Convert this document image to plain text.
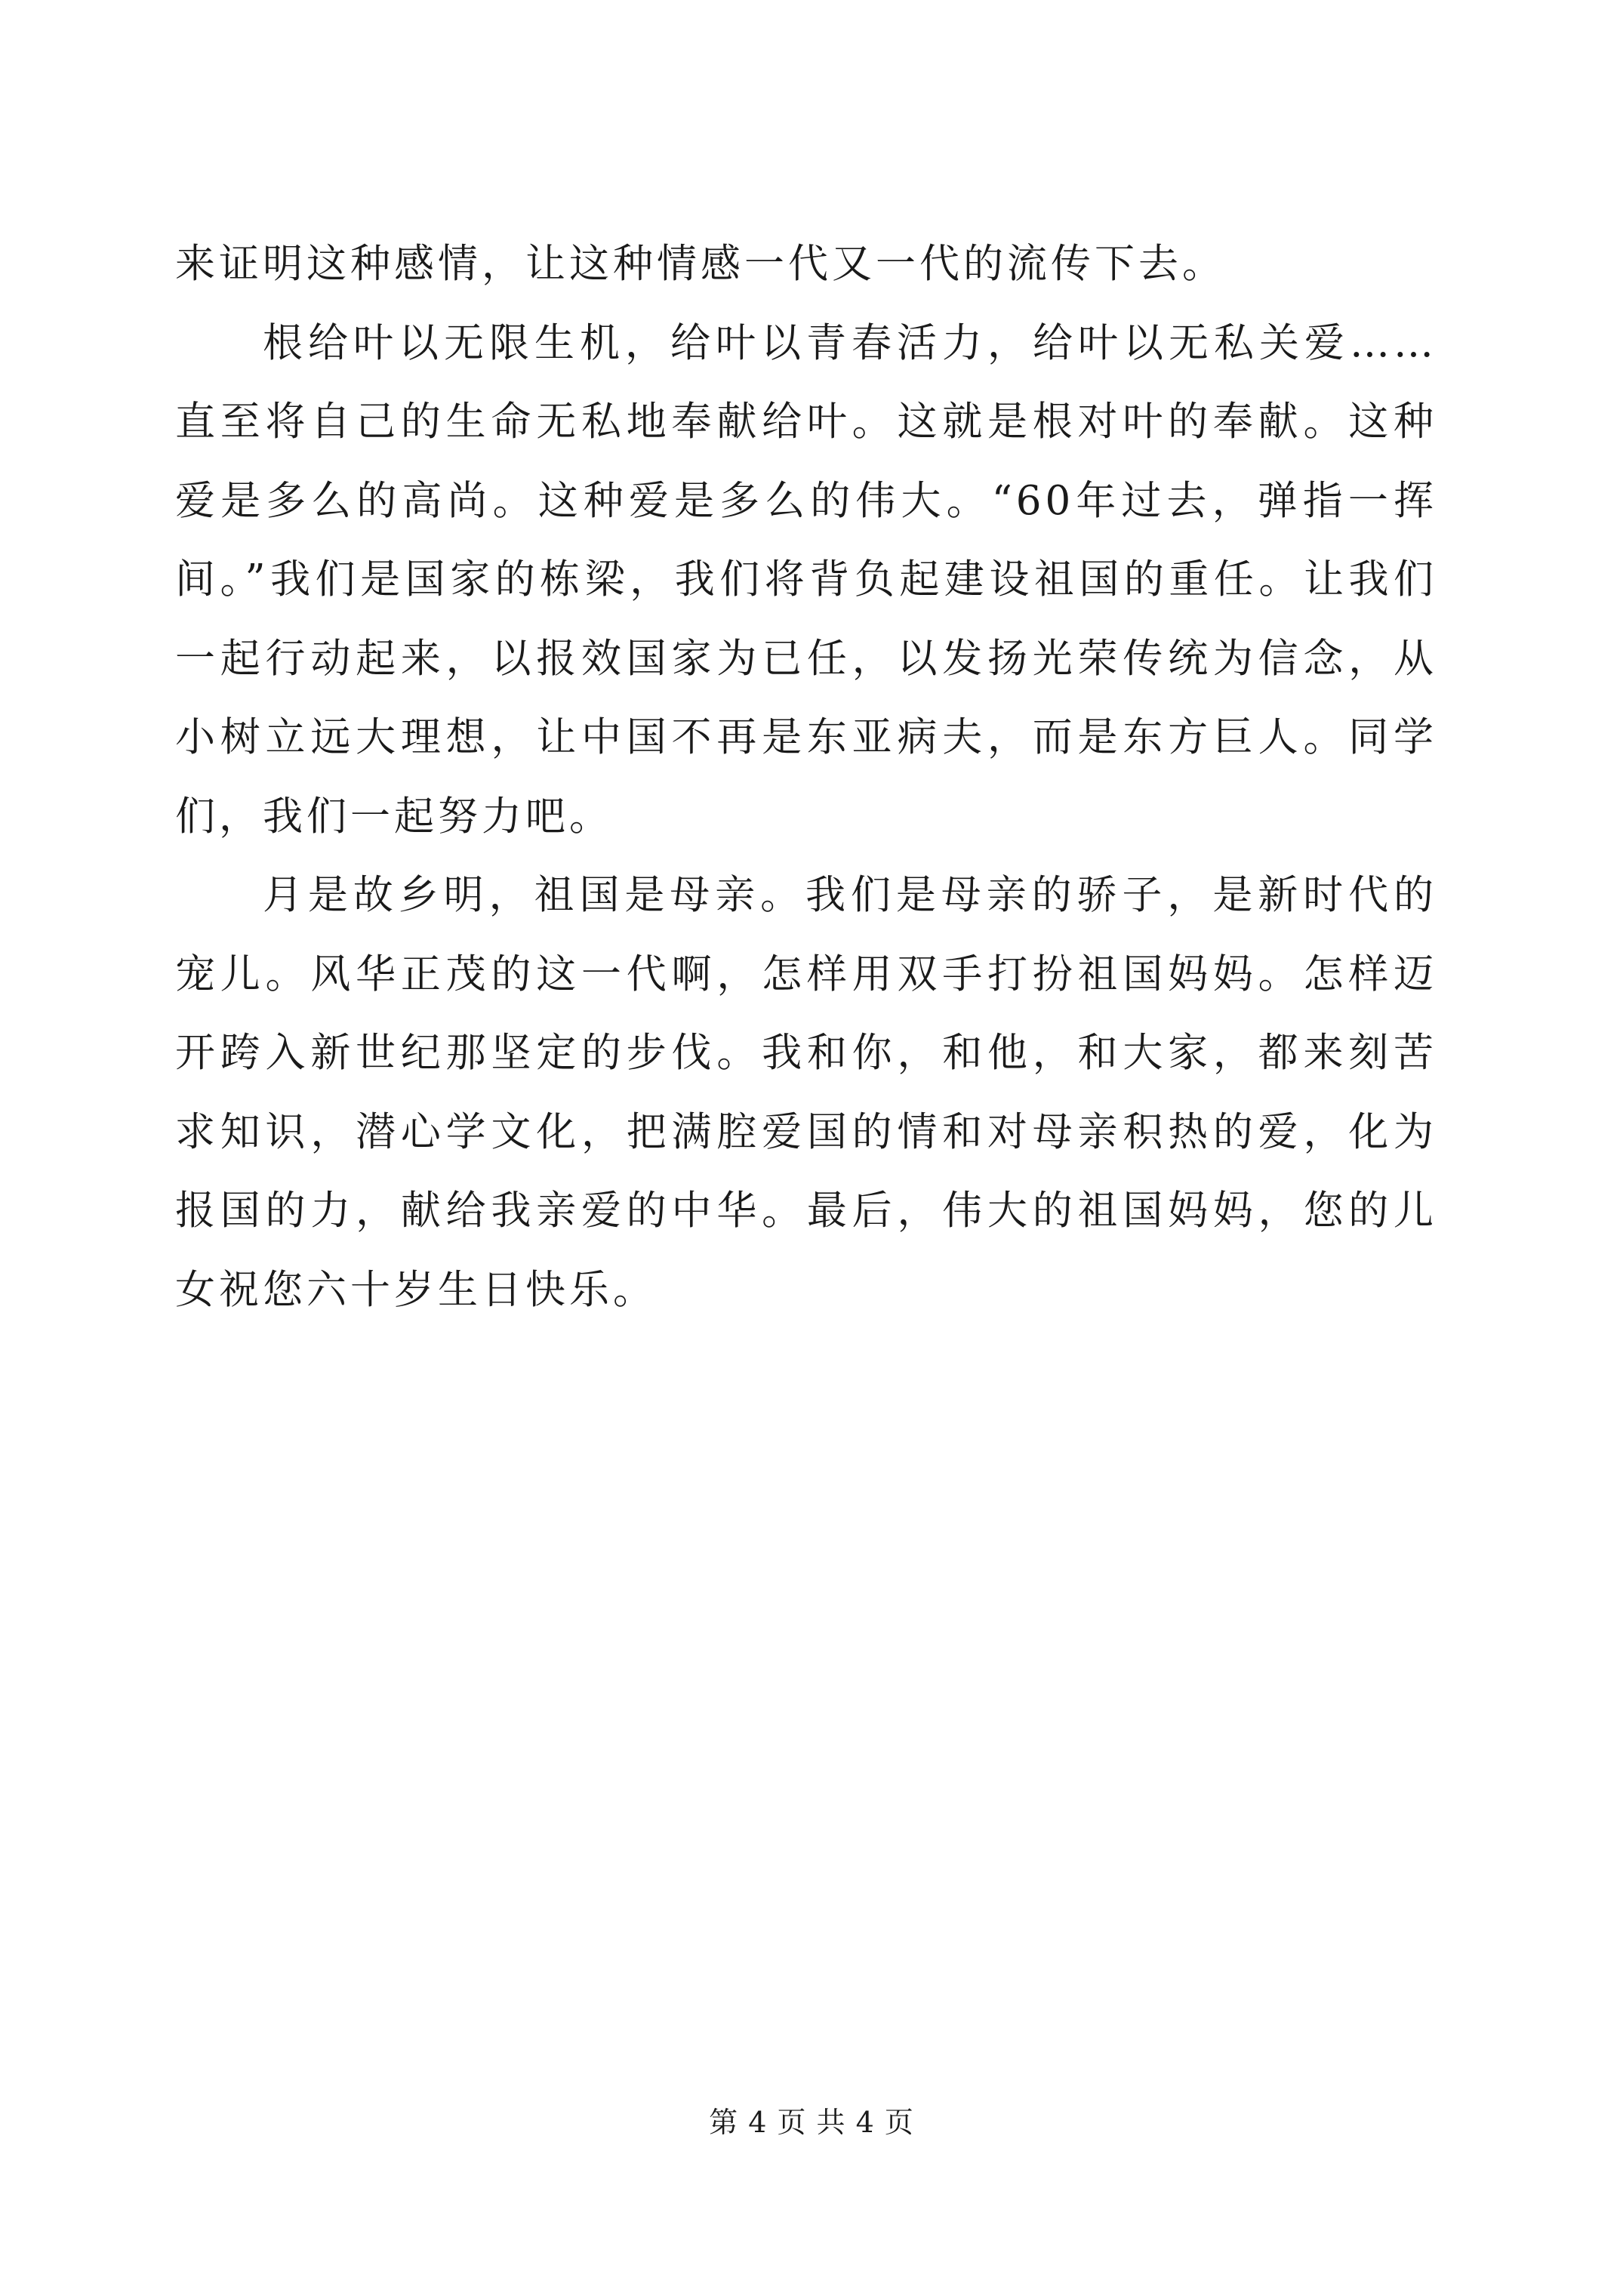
来证明这种感情，让这种情感一代又一代的流传下去。

根给叶以无限生机，给叶以青春活力，给叶以无私关爱……直至将自己的生命无私地奉献给叶。这就是根对叶的奉献。这种爱是多么的高尚。这种爱是多么的伟大。“60年过去，弹指一挥间。”我们是国家的栋梁，我们将背负起建设祖国的重任。让我们一起行动起来，以报效国家为已任，以发扬光荣传统为信念，从小树立远大理想，让中国不再是东亚病夫，而是东方巨人。同学们，我们一起努力吧。

月是故乡明，祖国是母亲。我们是母亲的骄子，是新时代的宠儿。风华正茂的这一代啊，怎样用双手打扮祖国妈妈。怎样迈开跨入新世纪那坚定的步伐。我和你，和他，和大家，都来刻苦求知识，潜心学文化，把满腔爱国的情和对母亲积热的爱，化为报国的力，献给我亲爱的中华。最后，伟大的祖国妈妈，您的儿女祝您六十岁生日快乐。

第 4 页 共 4 页
